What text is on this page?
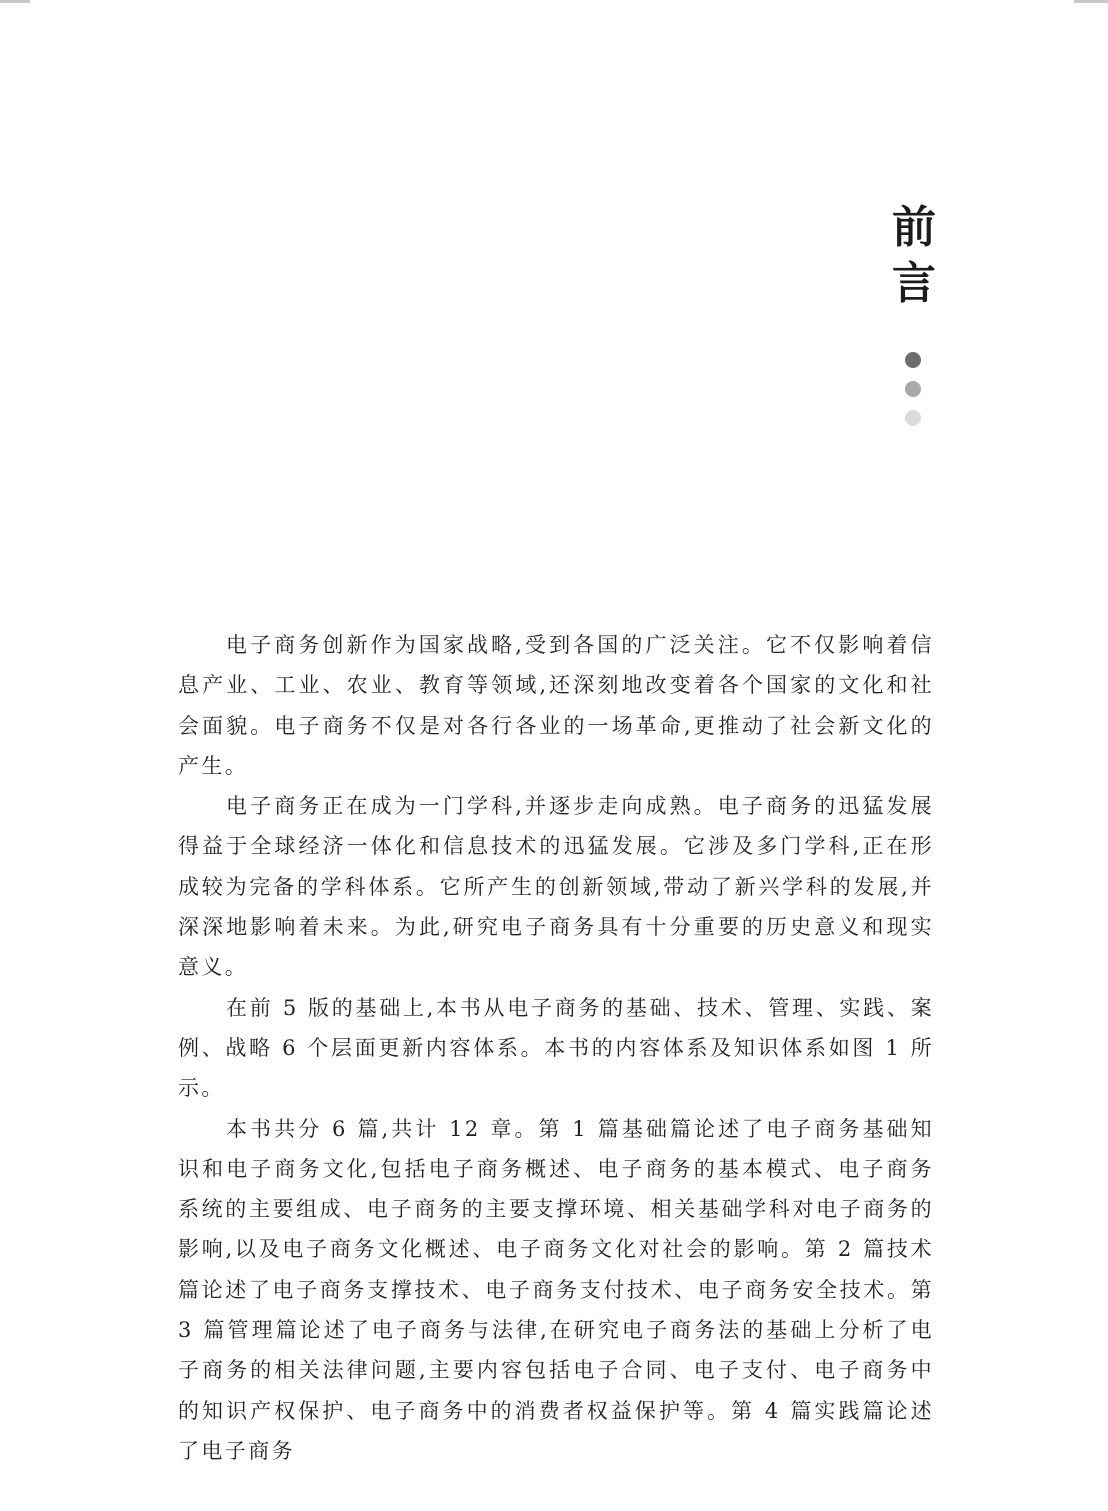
前
言

电子商务创新作为国家战略,受到各国的广泛关注。它不仅影响着信息产业、工业、农业、教育等领域,还深刻地改变着各个国家的文化和社会面貌。电子商务不仅是对各行各业的一场革命,更推动了社会新文化的产生。

电子商务正在成为一门学科,并逐步走向成熟。电子商务的迅猛发展得益于全球经济一体化和信息技术的迅猛发展。它涉及多门学科,正在形成较为完备的学科体系。它所产生的创新领域,带动了新兴学科的发展,并深深地影响着未来。为此,研究电子商务具有十分重要的历史意义和现实意义。

在前 5 版的基础上,本书从电子商务的基础、技术、管理、实践、案例、战略 6 个层面更新内容体系。本书的内容体系及知识体系如图 1 所示。

本书共分 6 篇,共计 12 章。第 1 篇基础篇论述了电子商务基础知识和电子商务文化,包括电子商务概述、电子商务的基本模式、电子商务系统的主要组成、电子商务的主要支撑环境、相关基础学科对电子商务的影响,以及电子商务文化概述、电子商务文化对社会的影响。第 2 篇技术篇论述了电子商务支撑技术、电子商务支付技术、电子商务安全技术。第 3 篇管理篇论述了电子商务与法律,在研究电子商务法的基础上分析了电子商务的相关法律问题,主要内容包括电子合同、电子支付、电子商务中的知识产权保护、电子商务中的消费者权益保护等。第 4 篇实践篇论述了电子商务
